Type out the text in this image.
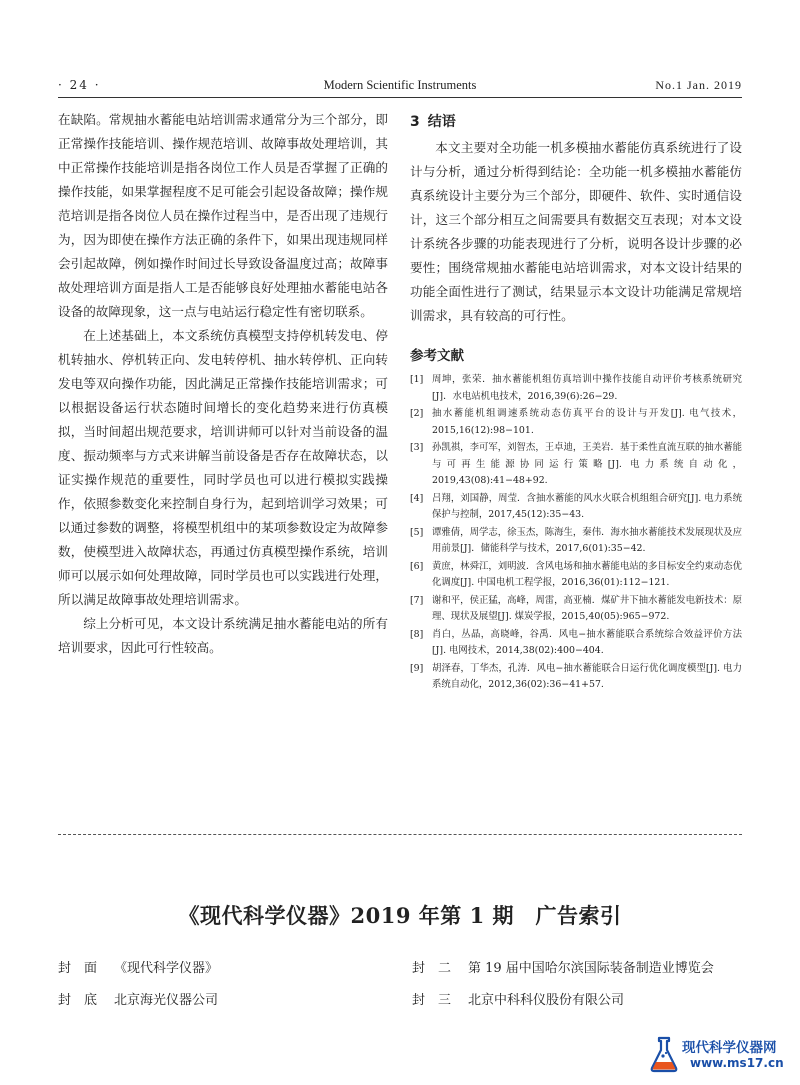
· 24 ·	Modern Scientific Instruments	No.1 Jan. 2019

在缺陷。常规抽水蓄能电站培训需求通常分为三个部分，即正常操作技能培训、操作规范培训、故障事故处理培训，其中正常操作技能培训是指各岗位工作人员是否掌握了正确的操作技能，如果掌握程度不足可能会引起设备故障；操作规范培训是指各岗位人员在操作过程当中，是否出现了违规行为，因为即使在操作方法正确的条件下，如果出现违规同样会引起故障，例如操作时间过长导致设备温度过高；故障事故处理培训方面是指人工是否能够良好处理抽水蓄能电站各设备的故障现象，这一点与电站运行稳定性有密切联系。

在上述基础上，本文系统仿真模型支持停机转发电、停机转抽水、停机转正向、发电转停机、抽水转停机、正向转发电等双向操作功能，因此满足正常操作技能培训需求；可以根据设备运行状态随时间增长的变化趋势来进行仿真模拟，当时间超出规范要求，培训讲师可以针对当前设备的温度、振动频率与方式来讲解当前设备是否存在故障状态，以证实操作规范的重要性，同时学员也可以进行模拟实践操作，依照参数变化来控制自身行为，起到培训学习效果；可以通过参数的调整，将模型机组中的某项参数设定为故障参数，使模型进入故障状态，再通过仿真模型操作系统，培训师可以展示如何处理故障，同时学员也可以实践进行处理，所以满足故障事故处理培训需求。

综上分析可见，本文设计系统满足抽水蓄能电站的所有培训要求，因此可行性较高。

3 结语

本文主要对全功能一机多模抽水蓄能仿真系统进行了设计与分析，通过分析得到结论：全功能一机多模抽水蓄能仿真系统设计主要分为三个部分，即硬件、软件、实时通信设计，这三个部分相互之间需要具有数据交互表现；对本文设计系统各步骤的功能表现进行了分析，说明各设计步骤的必要性；围绕常规抽水蓄能电站培训需求，对本文设计结果的功能全面性进行了测试，结果显示本文设计功能满足常规培训需求，具有较高的可行性。

参考文献
[1] 周坤，张荣．抽水蓄能机组仿真培训中操作技能自动评价考核系统研究[J]．水电站机电技术，2016,39(6):26−29.
[2] 抽水蓄能机组调速系统动态仿真平台的设计与开发[J]. 电气技术，2015,16(12):98−101.
[3] 孙凯祺，李可军，刘智杰，王卓迪，王美岩．基于柔性直流互联的抽水蓄能与可再生能源协同运行策略[J]. 电力系统自动化，2019,43(08):41−48+92.
[4] 吕翔，刘国静，周莹．含抽水蓄能的风水火联合机组组合研究[J]. 电力系统保护与控制，2017,45(12):35−43.
[5] 谭雅倩，周学志，徐玉杰，陈海生，秦伟．海水抽水蓄能技术发展现状及应用前景[J]．储能科学与技术，2017,6(01):35−42.
[6] 黄庶，林舜江，刘明波．含风电场和抽水蓄能电站的多目标安全约束动态优化调度[J]. 中国电机工程学报，2016,36(01):112−121.
[7] 谢和平，侯正猛，高峰，周雷，高亚楠．煤矿井下抽水蓄能发电新技术：原理、现状及展望[J]. 煤炭学报，2015,40(05):965−972.
[8] 肖白，丛晶，高晓峰，谷禹．风电−抽水蓄能联合系统综合效益评价方法[J]. 电网技术，2014,38(02):400−404.
[9] 胡泽春，丁华杰，孔涛．风电−抽水蓄能联合日运行优化调度模型[J]. 电力系统自动化，2012,36(02):36−41+57.
《现代科学仪器》2019 年第 1 期　广告索引
封　面 《现代科学仪器》	封　二 第 19 届中国哈尔滨国际装备制造业博览会
封　底 北京海光仪器公司	封　三 北京中科科仪股份有限公司
现代科学仪器网
www.ms17.cn
